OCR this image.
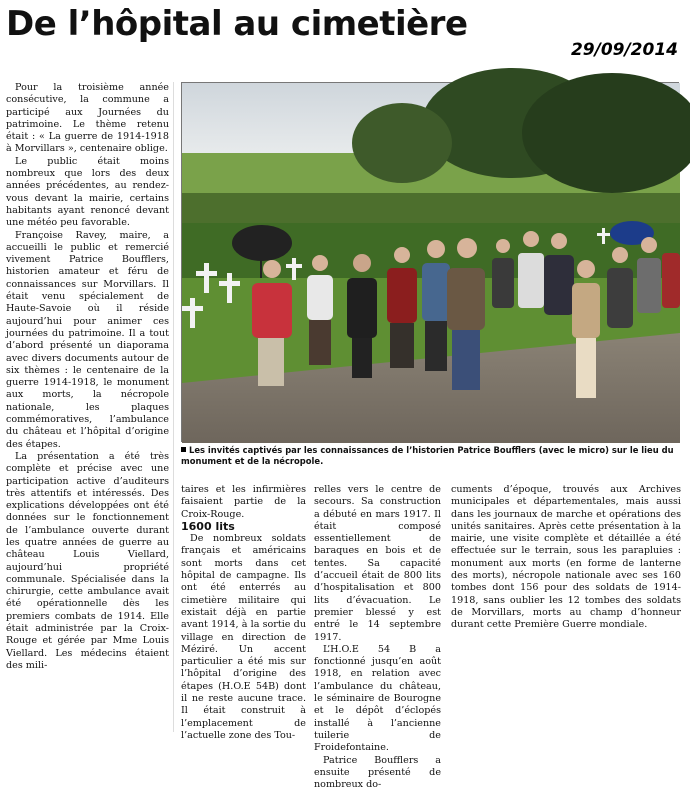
De l’hôpital au cimetière
29/09/2014

Pour la troisième année consécutive, la commune a participé aux Journées du patrimoine. Le thème retenu était : « La guerre de 1914-1918 à Morvillars », centenaire oblige.

Le public était moins nombreux que lors des deux années précédentes, au rendez-vous devant la mairie, certains habitants ayant renoncé devant une météo peu favorable.

Françoise Ravey, maire, a accueilli le public et remercié vivement Patrice Boufflers, historien amateur et féru de connaissances sur Morvillars. Il était venu spécialement de Haute-Savoie où il réside aujourd’hui pour animer ces journées du patrimoine. Il a tout d’abord présenté un diaporama avec divers documents autour de six thèmes : le centenaire de la guerre 1914-1918, le monument aux morts, la nécropole nationale, les plaques commémoratives, l’ambulance du château et l’hôpital d’origine des étapes.

La présentation a été très complète et précise avec une participation active d’auditeurs très attentifs et intéressés. Des explications développées ont été données sur le fonctionnement de l’ambulance ouverte durant les quatre années de guerre au château Louis Viellard, aujourd’hui propriété communale. Spécialisée dans la chirurgie, cette ambulance avait été opérationnelle dès les premiers combats de 1914. Elle était administrée par la Croix-Rouge et gérée par Mme Louis Viellard. Les médecins étaient des mili-

Les invités captivés par les connaissances de l’historien Patrice Boufflers (avec le micro) sur le lieu du monument et de la nécropole.

taires et les infirmières faisaient partie de la Croix-Rouge.

1600 lits

De nombreux soldats français et américains sont morts dans cet hôpital de campagne. Ils ont été enterrés au cimetière militaire qui existait déjà en partie avant 1914, à la sortie du village en direction de Méziré. Un accent particulier a été mis sur l’hôpital d’origine des étapes (H.O.E 54B) dont il ne reste aucune trace. Il était construit à l’emplacement de l’actuelle zone des Tou-

relles vers le centre de secours. Sa construction a débuté en mars 1917. Il était composé essentiellement de baraques en bois et de tentes. Sa capacité d’accueil était de 800 lits d’hospitalisation et 800 lits d’évacuation. Le premier blessé y est entré le 14 septembre 1917.

L’H.O.E 54 B a fonctionné jusqu’en août 1918, en relation avec l’ambulance du château, le séminaire de Bourogne et le dépôt d’éclopés installé à l’ancienne tuilerie de Froidefontaine.

Patrice Boufflers a ensuite présenté de nombreux do-

cuments d’époque, trouvés aux Archives municipales et départementales, mais aussi dans les journaux de marche et opérations des unités sanitaires. Après cette présentation à la mairie, une visite complète et détaillée a été effectuée sur le terrain, sous les parapluies : monument aux morts (en forme de lanterne des morts), nécropole nationale avec ses 160 tombes dont 156 pour des soldats de 1914-1918, sans oublier les 12 tombes des soldats de Morvillars, morts au champ d’honneur durant cette Première Guerre mondiale.
